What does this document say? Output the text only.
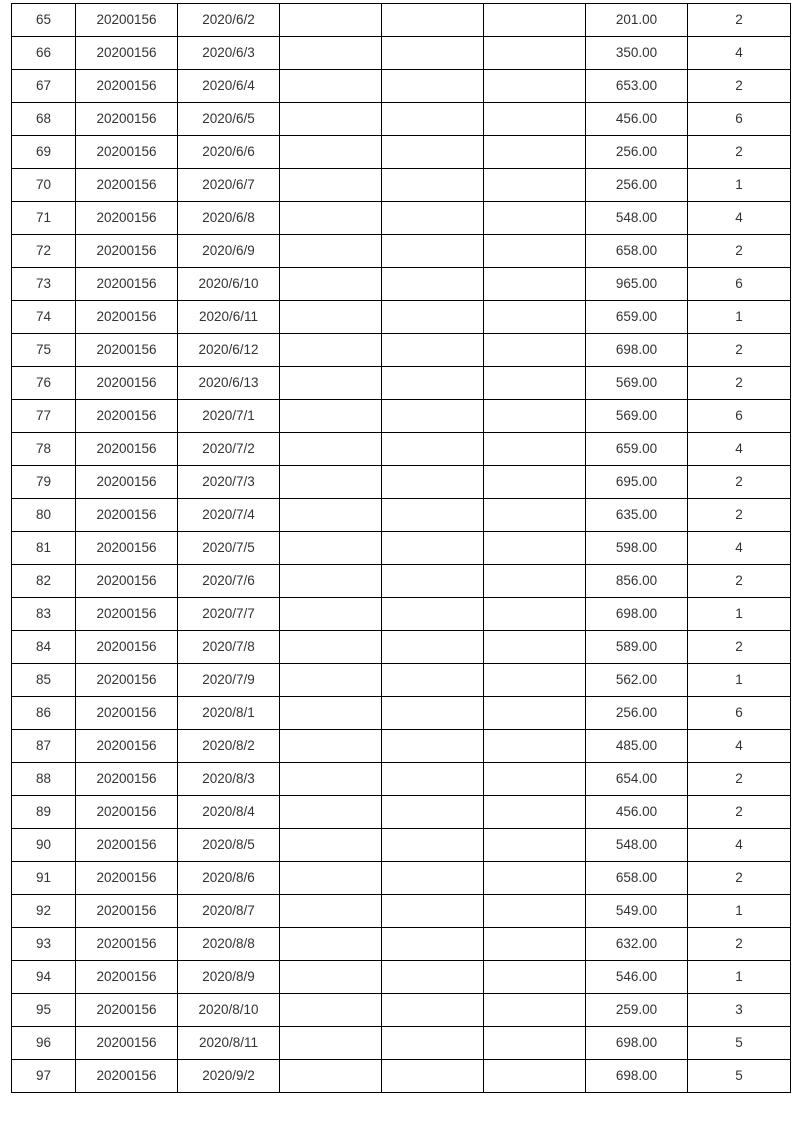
65	20200156	2020/6/2				201.00	2
66	20200156	2020/6/3				350.00	4
67	20200156	2020/6/4				653.00	2
68	20200156	2020/6/5				456.00	6
69	20200156	2020/6/6				256.00	2
70	20200156	2020/6/7				256.00	1
71	20200156	2020/6/8				548.00	4
72	20200156	2020/6/9				658.00	2
73	20200156	2020/6/10				965.00	6
74	20200156	2020/6/11				659.00	1
75	20200156	2020/6/12				698.00	2
76	20200156	2020/6/13				569.00	2
77	20200156	2020/7/1				569.00	6
78	20200156	2020/7/2				659.00	4
79	20200156	2020/7/3				695.00	2
80	20200156	2020/7/4				635.00	2
81	20200156	2020/7/5				598.00	4
82	20200156	2020/7/6				856.00	2
83	20200156	2020/7/7				698.00	1
84	20200156	2020/7/8				589.00	2
85	20200156	2020/7/9				562.00	1
86	20200156	2020/8/1				256.00	6
87	20200156	2020/8/2				485.00	4
88	20200156	2020/8/3				654.00	2
89	20200156	2020/8/4				456.00	2
90	20200156	2020/8/5				548.00	4
91	20200156	2020/8/6				658.00	2
92	20200156	2020/8/7				549.00	1
93	20200156	2020/8/8				632.00	2
94	20200156	2020/8/9				546.00	1
95	20200156	2020/8/10				259.00	3
96	20200156	2020/8/11				698.00	5
97	20200156	2020/9/2				698.00	5
